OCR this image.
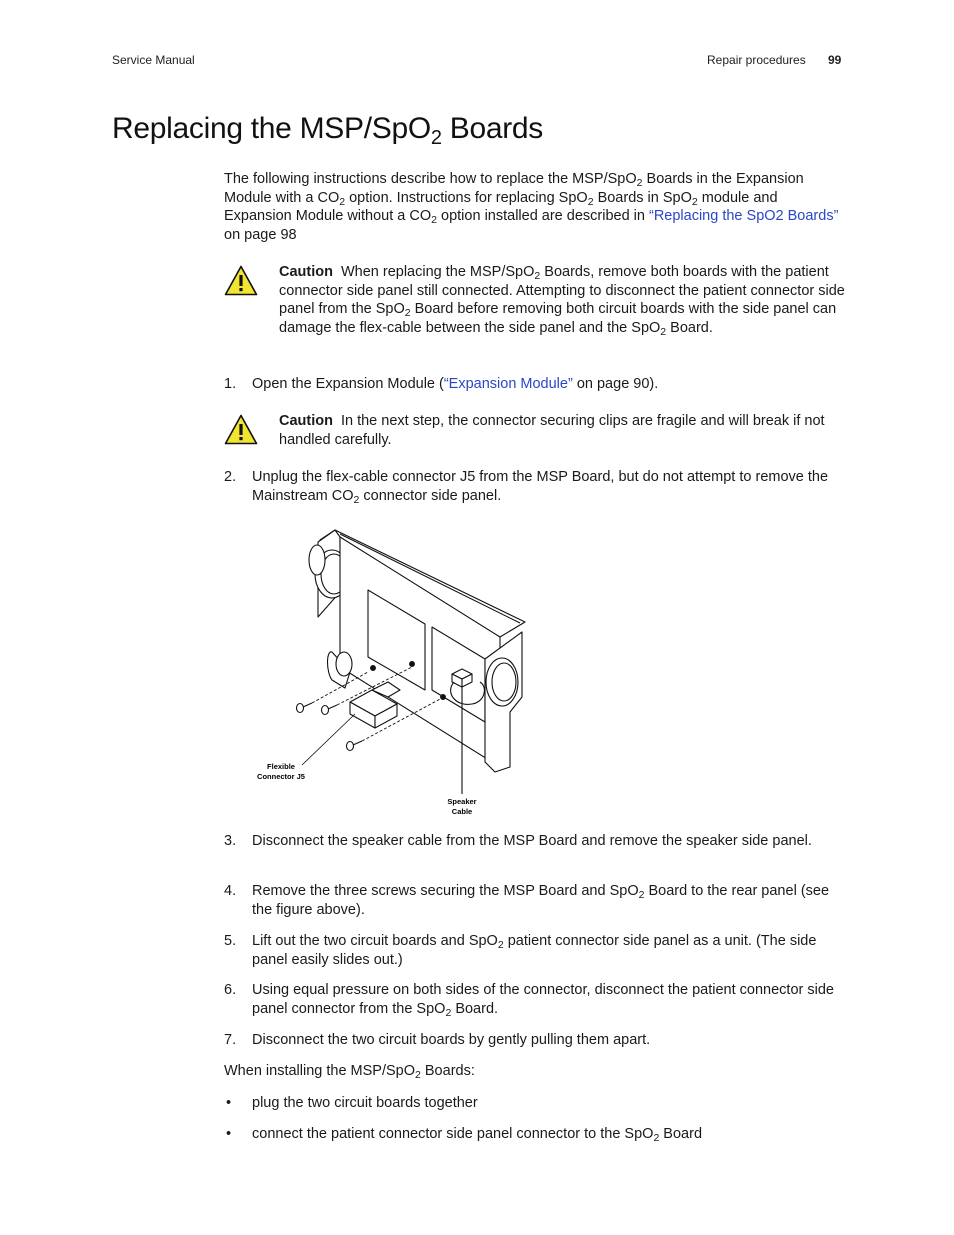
Service Manual	Repair procedures 99
Replacing the MSP/SpO$_2$ Boards
The following instructions describe how to replace the MSP/SpO$_2$ Boards in the Expansion Module with a $CO_2$ option. Instructions for replacing SpO$_2$ Boards in SpO$_2$ module and Expansion Module without a $CO_2$ option installed are described in “Replacing the SpO2 Boards” on page 98
Caution When replacing the MSP/SpO$_2$ Boards, remove both boards with the patient connector side panel still connected. Attempting to disconnect the patient connector side panel from the SpO$_2$ Board before removing both circuit boards with the side panel can damage the flex-cable between the side panel and the SpO$_2$ Board.
1. Open the Expansion Module (“Expansion Module” on page 90).
Caution In the next step, the connector securing clips are fragile and will break if not handled carefully.
2. Unplug the flex-cable connector J5 from the MSP Board, but do not attempt to remove the Mainstream $CO_2$ connector side panel.
Flexible
Connector J5
Speaker
Cable
3. Disconnect the speaker cable from the MSP Board and remove the speaker side panel.
4. Remove the three screws securing the MSP Board and SpO$_2$ Board to the rear panel (see the figure above).
5. Lift out the two circuit boards and SpO$_2$ patient connector side panel as a unit. (The side panel easily slides out.)
6. Using equal pressure on both sides of the connector, disconnect the patient connector side panel connector from the SpO$_2$ Board.
7. Disconnect the two circuit boards by gently pulling them apart.
When installing the MSP/SpO$_2$ Boards:
• plug the two circuit boards together
• connect the patient connector side panel connector to the SpO$_2$ Board
